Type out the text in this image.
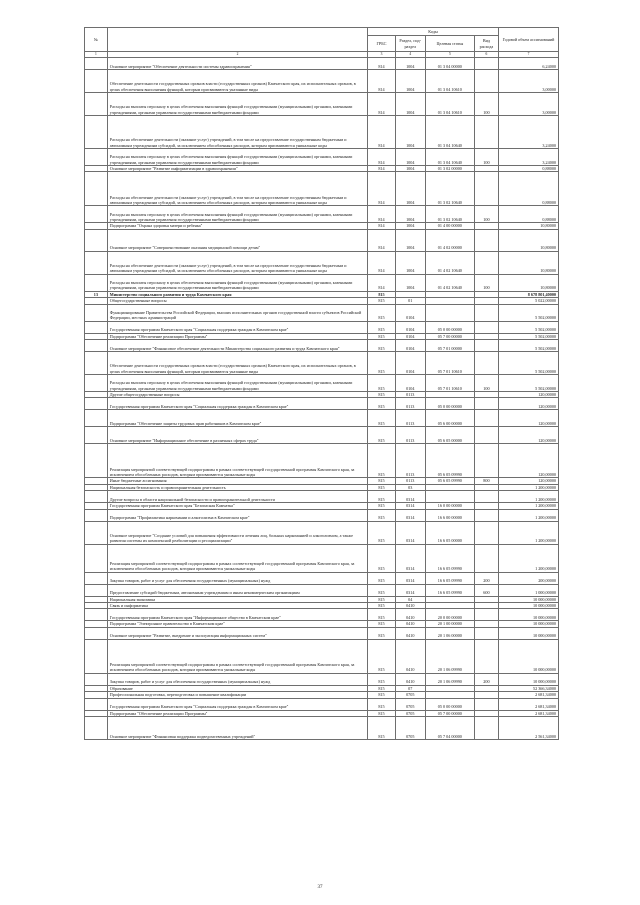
№		Коды				Годовой объем ассигнований
		ГРБС	Раздел, под-раздел	Целевая статья	Вид расхода	
1	2	3	4	5	6	7
	Основное мероприятие "Обеспечение деятельности системы здравоохранения"	814	1004	01 3 04 00000		6,24000
	Обеспечение деятельности государственных органов власти (государственных органов) Камчатского края, их исполнительных органов, в целях обеспечения выполнения функций, которым присваиваются указанные виды	814	1004	01 3 04 10610		3,00000
	Расходы на выплаты персоналу в целях обеспечения выполнения функций государственными (муниципальными) органами, казенными учреждениями, органами управления государственными внебюджетными фондами	814	1004	01 3 04 10610	100	3,00000
	Расходы на обеспечение деятельности (оказание услуг) учреждений, в том числе на предоставление государственным бюджетным и автономным учреждениям субсидий, за исключением обособленных расходов, которым присваиваются уникальные коды	814	1004	01 3 04 10640		3,24000
	Расходы на выплаты персоналу в целях обеспечения выполнения функций государственными (муниципальными) органами, казенными учреждениями, органами управления государственными внебюджетными фондами	814	1004	01 3 04 10640	100	3,24000
	Основное мероприятие "Развитие информатизации в здравоохранении"	814	1004	01 3 02 00000		0,88000
	Расходы на обеспечение деятельности (оказание услуг) учреждений, в том числе на предоставление государственным бюджетным и автономным учреждениям субсидий, за исключением обособленных расходов, которым присваиваются уникальные коды	814	1004	01 3 02 10640		0,88000
	Расходы на выплаты персоналу в целях обеспечения выполнения функций государственными (муниципальными) органами, казенными учреждениями, органами управления государственными внебюджетными фондами	814	1004	01 3 02 10640	100	0,88000
	Подпрограмма "Охрана здоровья матери и ребенка"	814	1004	01 4 00 00000		10,80000
	Основное мероприятие "Совершенствование оказания медицинской помощи детям"	814	1004	01 4 02 00000		10,80000
	Расходы на обеспечение деятельности (оказание услуг) учреждений, в том числе на предоставление государственным бюджетным и автономным учреждениям субсидий, за исключением обособленных расходов, которым присваиваются уникальные коды	814	1004	01 4 02 10640		10,80000
	Расходы на выплаты персоналу в целях обеспечения выполнения функций государственными (муниципальными) органами, казенными учреждениями, органами управления государственными внебюджетными фондами	814	1004	01 4 02 10640	100	10,80000
13	Министерство социального развития и труда Камчатского края	815				8 678 801,40000
	Общегосударственные вопросы	815	01			5 022,00000
	Функционирование Правительства Российской Федерации, высших исполнительных органов государственной власти субъектов Российской Федерации, местных администраций	815	0104			5 502,00000
	Государственная программа Камчатского края "Социальная поддержка граждан в Камчатском крае"	815	0104	05 0 00 00000		5 502,00000
	Подпрограмма "Обеспечение реализации Программы"	815	0104	05 7 00 00000		5 502,00000
	Основное мероприятие "Финансовое обеспечение деятельности Министерства социального развития и труда Камчатского края"	815	0104	05 7 01 00000		5 502,00000
	Обеспечение деятельности государственных органов власти (государственных органов) Камчатского края, их исполнительных органов, в целях обеспечения выполнения функций, которым присваиваются указанные виды	815	0104	05 7 01 10610		5 502,00000
	Расходы на выплаты персоналу в целях обеспечения выполнения функций государственными (муниципальными) органами, казенными учреждениями, органами управления государственными внебюджетными фондами	815	0104	05 7 01 10610	100	5 502,00000
	Другие общегосударственные вопросы	815	0113			120,00000
	Государственная программа Камчатского края "Социальная поддержка граждан в Камчатском крае"	815	0113	05 0 00 00000		120,00000
	Подпрограмма "Обеспечение защиты трудовых прав работников в Камчатском крае"	815	0113	05 6 00 00000		120,00000
	Основное мероприятие "Информационное обеспечение в различных сферах труда"	815	0113	05 6 05 00000		120,00000
	Реализация мероприятий соответствующей подпрограммы в рамках соответствующей государственной программы Камчатского края, за исключением обособленных расходов, которым присваиваются уникальные коды	815	0113	05 6 05 09990		120,00000
	Иные бюджетные ассигнования	815	0113	05 6 05 09990	800	120,00000
	Национальная безопасность и правоохранительная деятельность	815	03			1 200,00000
	Другие вопросы в области национальной безопасности и правоохранительной деятельности	815	0314			1 200,00000
	Государственная программа Камчатского края "Безопасная Камчатка"	815	0314	16 0 00 00000		1 200,00000
	Подпрограмма "Профилактика наркомании и алкоголизма в Камчатском крае"	815	0314	16 6 00 00000		1 200,00000
	Основное мероприятие "Создание условий для повышения эффективности лечения лиц, больных наркоманией и алкоголизмом, а также развития системы их комплексной реабилитации и ресоциализации"	815	0314	16 6 05 00000		1 200,00000
	Реализация мероприятий соответствующей подпрограммы в рамках соответствующей государственной программы Камчатского края, за исключением обособленных расходов, которым присваиваются уникальные коды	815	0314	16 6 05 09990		1 200,00000
	Закупка товаров, работ и услуг для обеспечения государственных (муниципальных) нужд	815	0314	16 6 05 09990	200	200,00000
	Предоставление субсидий бюджетным, автономным учреждениям и иным некоммерческим организациям	815	0314	16 6 05 09990	600	1 000,00000
	Национальная экономика	815	04			10 000,00000
	Связь и информатика	815	0410			10 000,00000
	Государственная программа Камчатского края "Информационное общество в Камчатском крае"	815	0410	20 0 00 00000		10 000,00000
	Подпрограмма "Электронное правительство в Камчатском крае"	815	0410	20 1 00 00000		10 000,00000
	Основное мероприятие "Развитие, внедрение и эксплуатация информационных систем"	815	0410	20 1 06 00000		10 000,00000
	Реализация мероприятий соответствующей подпрограммы в рамках соответствующей государственной программы Камчатского края, за исключением обособленных расходов, которым присваиваются уникальные коды	815	0410	20 1 06 09990		10 000,00000
	Закупка товаров, работ и услуг для обеспечения государственных (муниципальных) нужд	815	0410	20 1 06 09990	200	10 000,00000
	Образование	815	07			52 366,34000
	Профессиональная подготовка, переподготовка и повышение квалификации	815	0705			2 681,34000
	Государственная программа Камчатского края "Социальная поддержка граждан в Камчатском крае"	815	0705	05 0 00 00000		2 681,34000
	Подпрограмма "Обеспечение реализации Программы"	815	0705	05 7 00 00000		2 681,34000
	Основное мероприятие "Финансовая поддержка подведомственных учреждений"	815	0705	05 7 04 00000		2 561,34000
37
